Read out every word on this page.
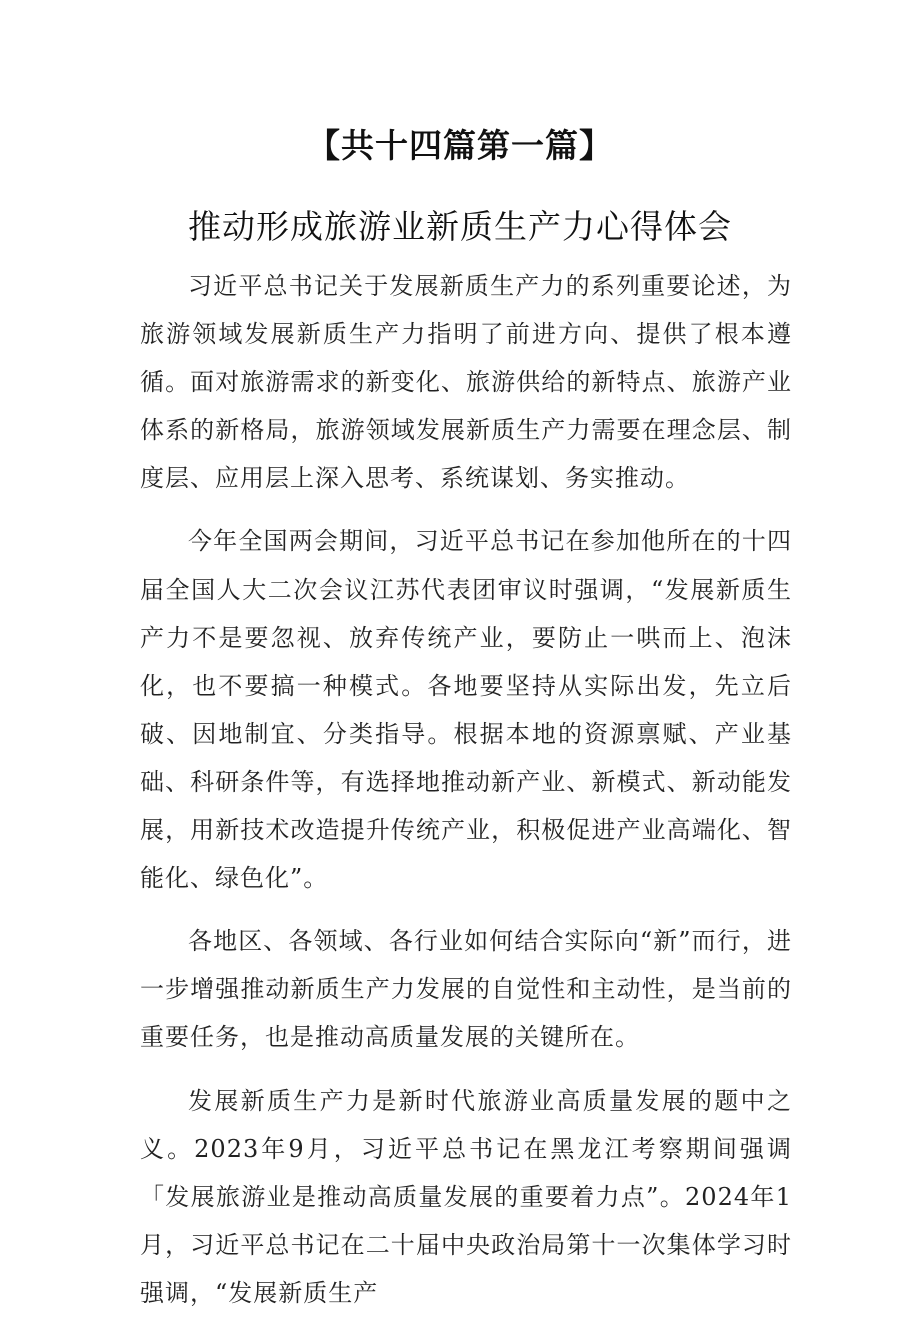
【共十四篇第一篇】
推动形成旅游业新质生产力心得体会

习近平总书记关于发展新质生产力的系列重要论述，为旅游领域发展新质生产力指明了前进方向、提供了根本遵循。面对旅游需求的新变化、旅游供给的新特点、旅游产业体系的新格局，旅游领域发展新质生产力需要在理念层、制度层、应用层上深入思考、系统谋划、务实推动。

今年全国两会期间，习近平总书记在参加他所在的十四届全国人大二次会议江苏代表团审议时强调，“发展新质生产力不是要忽视、放弃传统产业，要防止一哄而上、泡沫化，也不要搞一种模式。各地要坚持从实际出发，先立后破、因地制宜、分类指导。根据本地的资源禀赋、产业基础、科研条件等，有选择地推动新产业、新模式、新动能发展，用新技术改造提升传统产业，积极促进产业高端化、智能化、绿色化”。

各地区、各领域、各行业如何结合实际向“新”而行，进一步增强推动新质生产力发展的自觉性和主动性，是当前的重要任务，也是推动高质量发展的关键所在。

发展新质生产力是新时代旅游业高质量发展的题中之义。2023年9月，习近平总书记在黑龙江考察期间强调「发展旅游业是推动高质量发展的重要着力点”。2024年1月，习近平总书记在二十届中央政治局第十一次集体学习时强调，“发展新质生产
